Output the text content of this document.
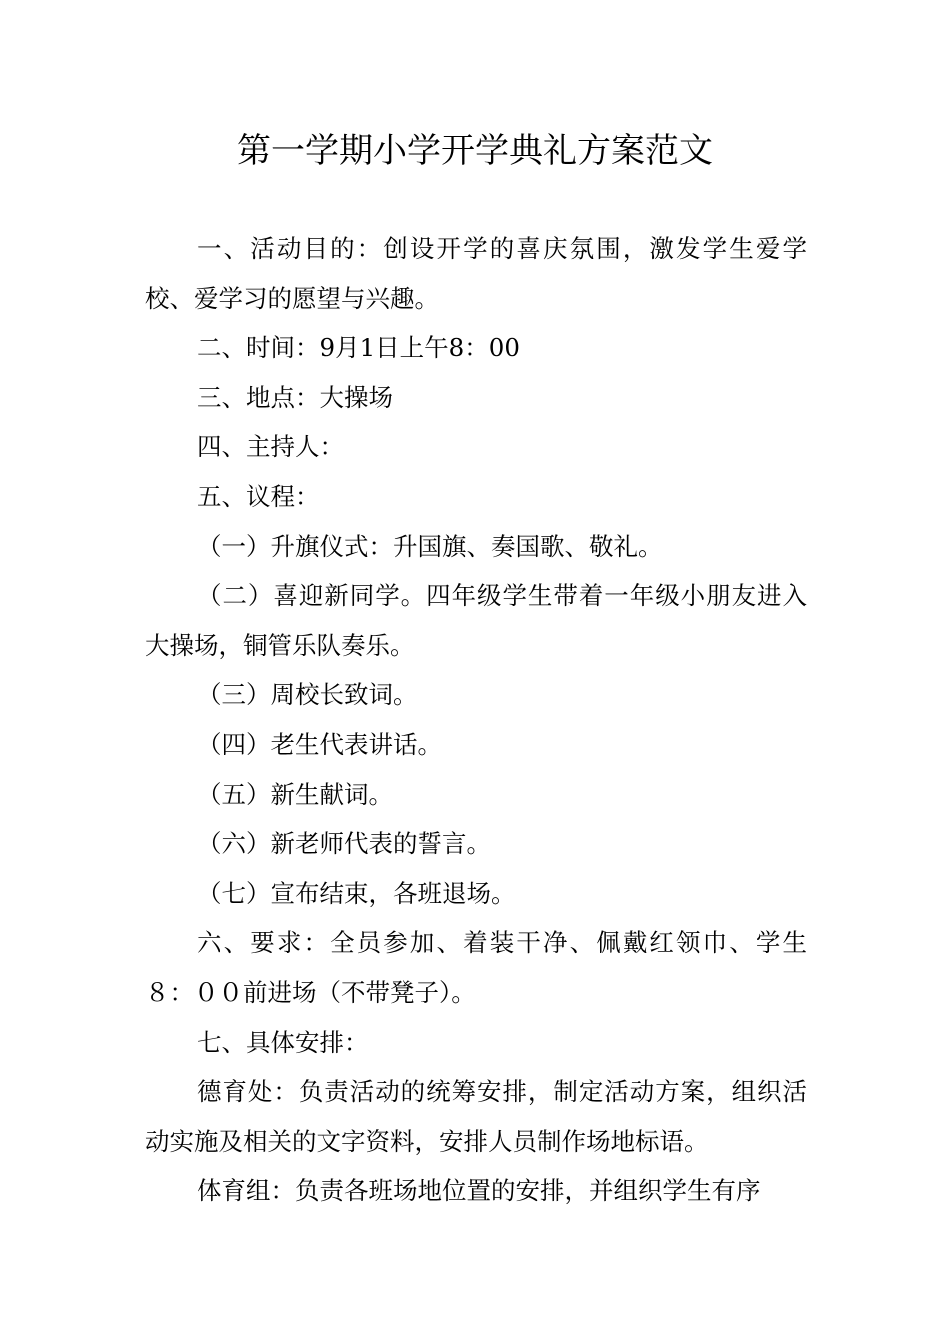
第一学期小学开学典礼方案范文

一、活动目的：创设开学的喜庆氛围，激发学生爱学校、爱学习的愿望与兴趣。

二、时间：9月1日上午8：00

三、地点：大操场

四、主持人：

五、议程：

（一）升旗仪式：升国旗、奏国歌、敬礼。

（二）喜迎新同学。四年级学生带着一年级小朋友进入大操场，铜管乐队奏乐。

（三）周校长致词。

（四）老生代表讲话。

（五）新生献词。

（六）新老师代表的誓言。

（七）宣布结束，各班退场。

六、要求：全员参加、着装干净、佩戴红领巾、学生８：００前进场（不带凳子）。

七、具体安排：

德育处：负责活动的统筹安排，制定活动方案，组织活动实施及相关的文字资料，安排人员制作场地标语。

体育组：负责各班场地位置的安排，并组织学生有序
